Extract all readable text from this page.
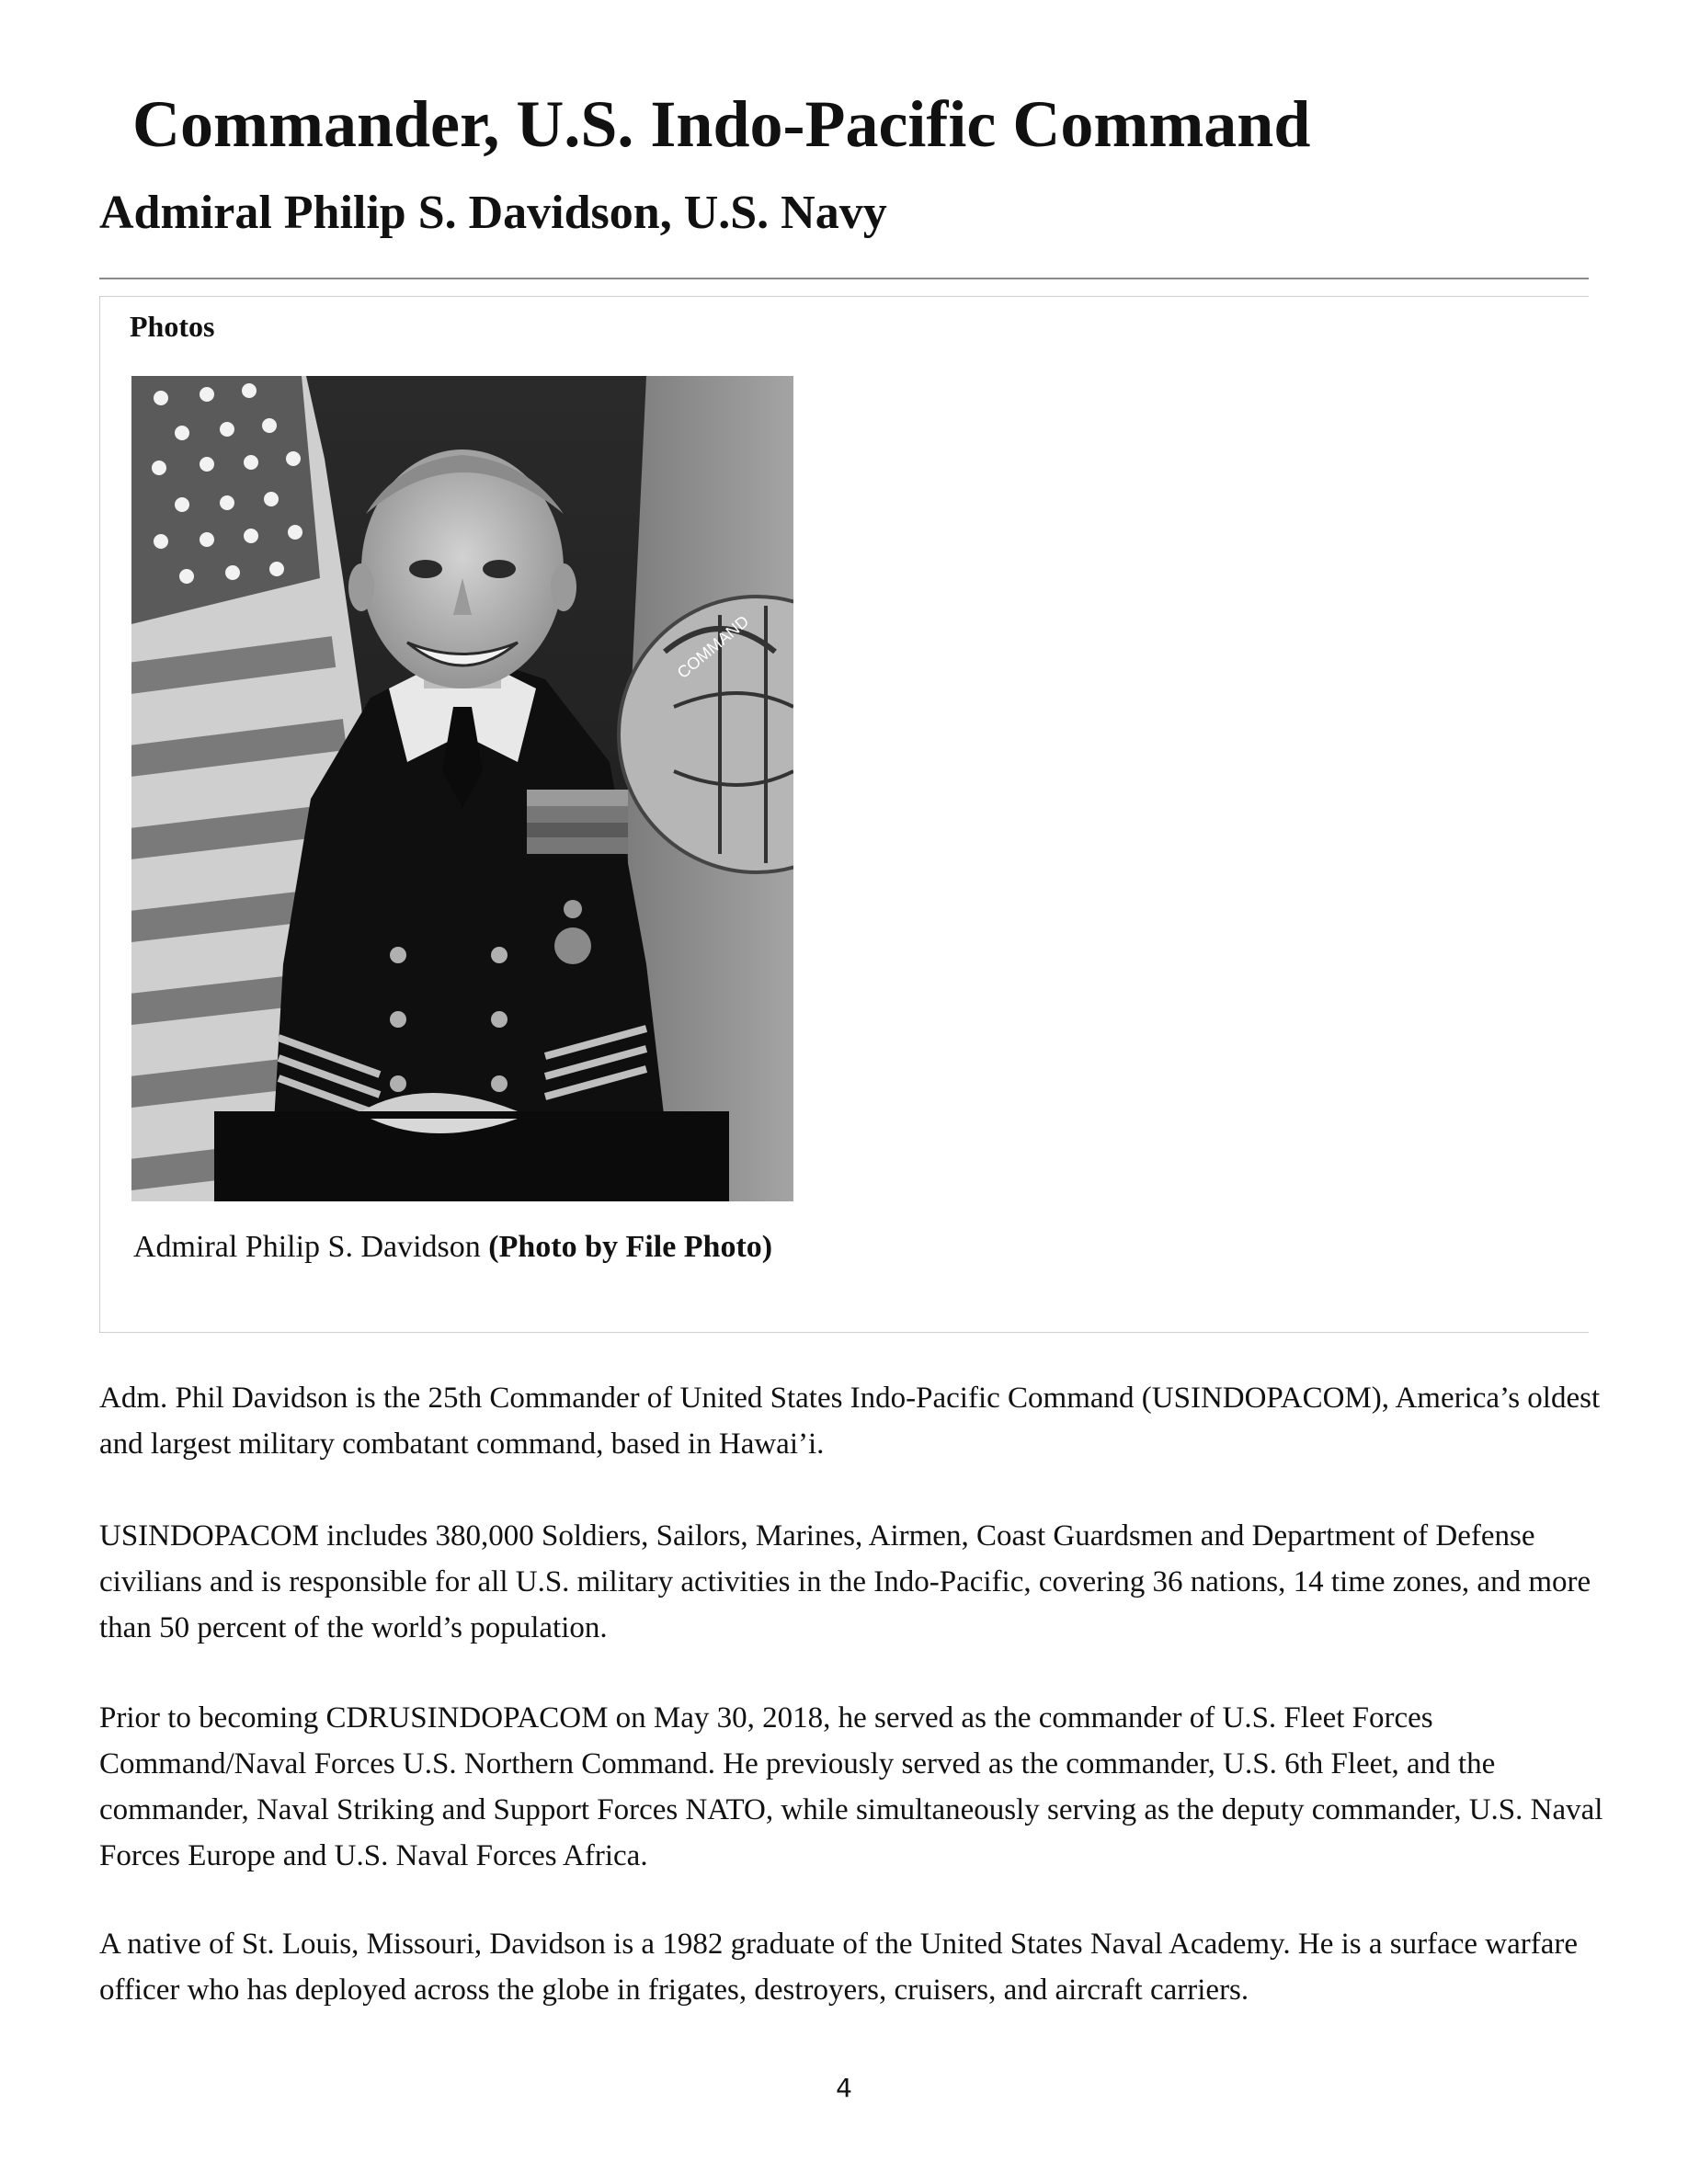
Commander, U.S. Indo-Pacific Command
Admiral Philip S. Davidson, U.S. Navy
Photos
COMMAND
Admiral Philip S. Davidson (Photo by File Photo)

Adm. Phil Davidson is the 25th Commander of United States Indo-Pacific Command (USINDOPACOM), America’s oldest and largest military combatant command, based in Hawai’i.

USINDOPACOM includes 380,000 Soldiers, Sailors, Marines, Airmen, Coast Guardsmen and Department of Defense civilians and is responsible for all U.S. military activities in the Indo-Pacific, covering 36 nations, 14 time zones, and more than 50 percent of the world’s population.

Prior to becoming CDRUSINDOPACOM on May 30, 2018, he served as the commander of U.S. Fleet Forces Command/Naval Forces U.S. Northern Command. He previously served as the commander, U.S. 6th Fleet, and the commander, Naval Striking and Support Forces NATO, while simultaneously serving as the deputy commander, U.S. Naval Forces Europe and U.S. Naval Forces Africa.

A native of St. Louis, Missouri, Davidson is a 1982 graduate of the United States Naval Academy. He is a surface warfare officer who has deployed across the globe in frigates, destroyers, cruisers, and aircraft carriers.

4
